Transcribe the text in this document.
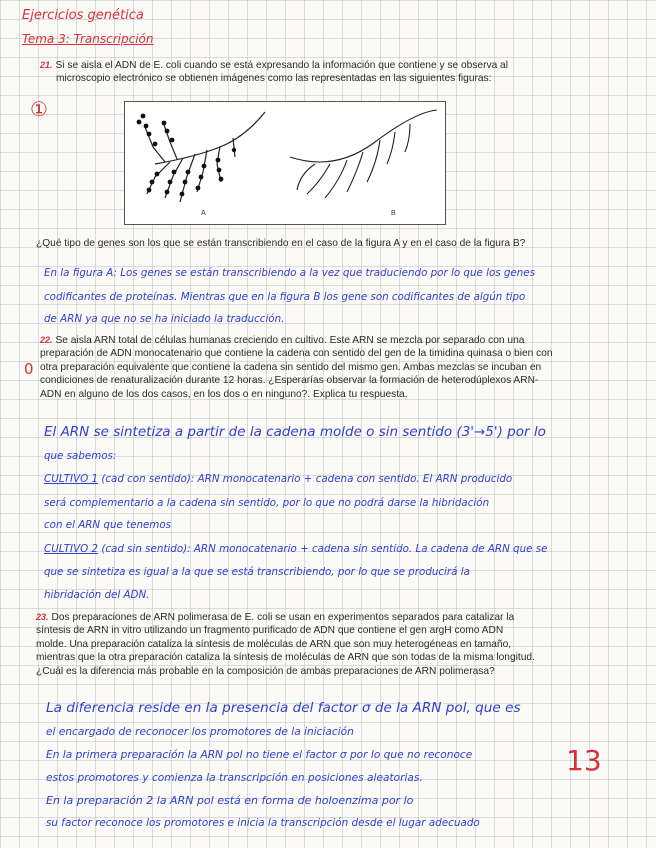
Ejercicios genética
Tema 3: Transcripción
21. Si se aisla el ADN de E. coli cuando se está expresando la información que contiene y se observa al
microscopio electrónico se obtienen imágenes como las representadas en las siguientes figuras:
①
A	B
¿Qué tipo de genes son los que se están transcribiendo en el caso de la figura A y en el caso de la figura B?
En la figura A: Los genes se están transcribiendo a la vez que traduciendo por lo que los genes
codificantes de proteínas. Mientras que en la figura B los gene son codificantes de algún tipo
de ARN ya que no se ha iniciado la traducción.
22. Se aisla ARN total de células humanas creciendo en cultivo. Este ARN se mezcla por separado con una
preparación de ADN monocatenario que contiene la cadena con sentido del gen de la timidina quinasa o bien con
otra preparación equivalente que contiene la cadena sin sentido del mismo gen. Ambas mezclas se incuban en
condiciones de renaturalización durante 12 horas. ¿Esperarías observar la formación de heterodúplexos ARN-
ADN en alguno de los dos casos, en los dos o en ninguno?. Explica tu respuesta.
0
El ARN se sintetiza a partir de la cadena molde o sin sentido (3'→5') por lo
que sabemos:
CULTIVO 1 (cad con sentido): ARN monocatenario + cadena con sentido. El ARN producido
será complementario a la cadena sin sentido, por lo que no podrá darse la hibridación
con el ARN que tenemos
CULTIVO 2 (cad sin sentido): ARN monocatenario + cadena sin sentido. La cadena de ARN que se
que se sintetiza es igual a la que se está transcribiendo, por lo que se producirá la
hibridación del ADN.
23. Dos preparaciones de ARN polimerasa de E. coli se usan en experimentos separados para catalizar la
síntesis de ARN in vitro utilizando un fragmento purificado de ADN que contiene el gen argH como ADN
molde. Una preparación cataliza la síntesis de moléculas de ARN que son muy heterogéneas en tamaño,
mientras que la otra preparación cataliza la síntesis de moléculas de ARN que son todas de la misma longitud.
¿Cuál es la diferencia más probable en la composición de ambas preparaciones de ARN polimerasa?
La diferencia reside en la presencia del factor σ de la ARN pol, que es
el encargado de reconocer los promotores de la iniciación
En la primera preparación la ARN pol no tiene el factor σ por lo que no reconoce
estos promotores y comienza la transcripción en posiciones aleatorias.
En la preparación 2 la ARN pol está en forma de holoenzima por lo
su factor reconoce los promotores e inicia la transcripción desde el lugar adecuado
13
